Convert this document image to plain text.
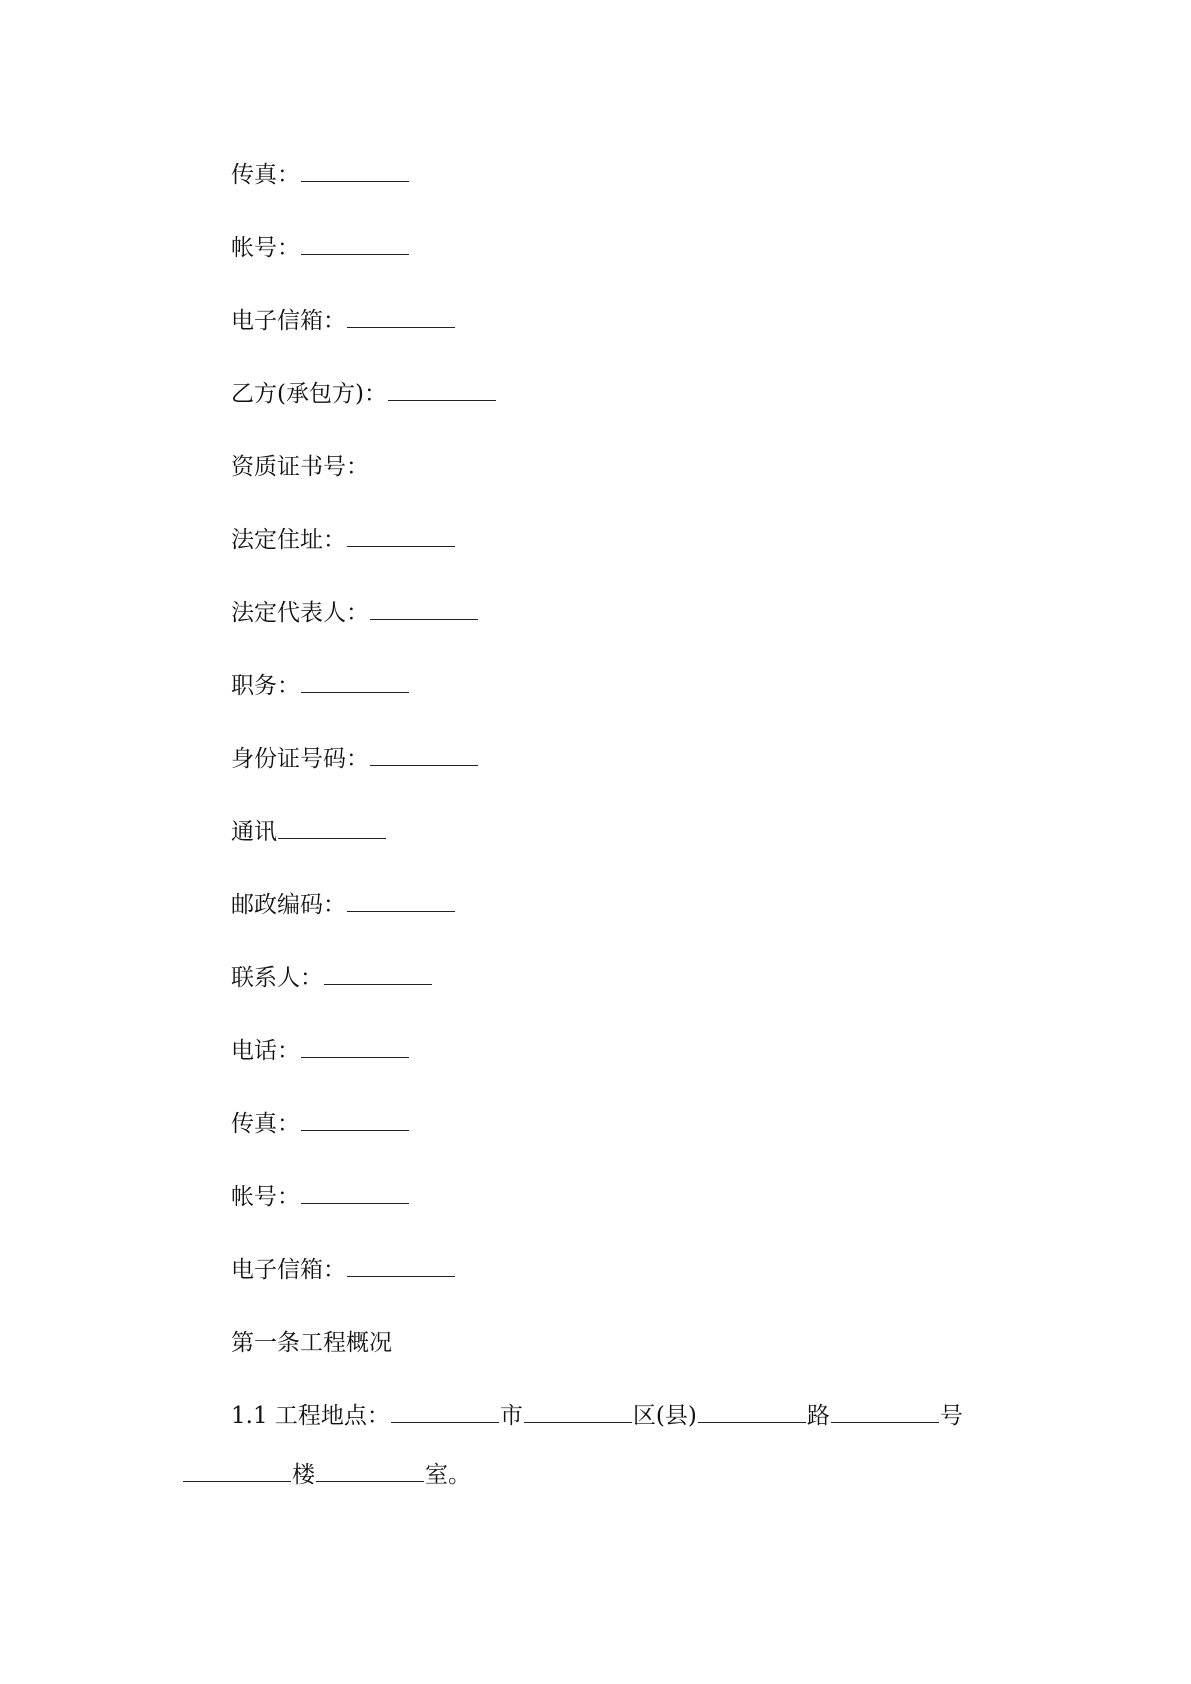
传真：
帐号：
电子信箱：
乙方(承包方)：
资质证书号：
法定住址：
法定代表人：
职务：
身份证号码：
通讯
邮政编码：
联系人：
电话：
传真：
帐号：
电子信箱：
第一条工程概况
1.1 工程地点：	市	区(县)	路	号
楼	室。
